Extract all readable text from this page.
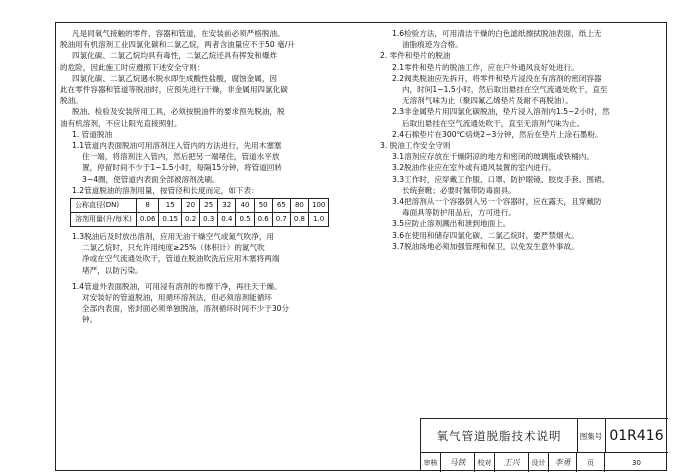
凡是同氧气接触的零件、容器和管道，在安装前必须严格脱油。

脱油用有机溶剂工业四氯化碳和二氯乙烷，两者含油量应不于50 毫/升

四氯化碳、二氯乙烷均具有毒性，二氯乙烷还具有挥发和爆炸

的危险，因此施工时应遵照下述安全守则：

四氯化碳、二氯乙烷遇水脱水即生成酸性盐酸，腐蚀金属，因

此在零件容器和管道等脱油时，应预先进行干燥，非金属用四氯化碳

脱油。

脱油、检验及安装所用工具，必须按脱油件的要求预先脱油，脱

油有机溶剂，不应让阳光直接照射。

1. 管道脱油

1.1管道内表面脱油可用溶剂注入管内的方法进行，先用木塞塞

住一端，将溶剂注入管内，然后把另一端堵住，管道水平放

置，停留时间不少于1~1.5小时，每隔15分钟，将管道回转

3~4圈，使管道内表面全部被溶剂洗刷。

1.2管道脱油的溶剂用量，按管径和长度而定，如下表：

公称直径(DN)	8	15	20	25	32	40	50	65	80	100
溶剂用量(升/每米)	0.06	0.15	0.2	0.3	0.4	0.5	0.6	0.7	0.8	1.0

1.3脱油后及时放出溶剂，应用无油干燥空气或氮气吹净，用

二氯乙烷时，只允许用纯度≥25%（体积计）的氮气吹

净或在空气流通处吹干，管道在脱油吹洗后应用木塞将两端

堵严，以防污染。

1.4管道外表面脱油，可用浸有溶剂的布擦干净，再往天干燥。

对安装好的管道脱油，用循环溶剂法，但必须溶剂能循环

全部内表面，密封面必须单独脱油，溶剂循环时间不少于30分

钟。

1.6检验方法，可用清洁干燥的白色滤纸擦拭脱油表面，纸上无

油脂痕迹为合格。

2. 零件和垫片的脱油

2.1零件和垫片的脱油工作，应在户外通风良好处进行。

2.2阀类脱油应先拆开，将零件和垫片浸没在有溶剂的密闭容器

内，时间1~1.5小时，然后取出悬挂在空气流通处吹干，直至

无溶剂气味为止（聚四氟乙烯垫片及耐不再脱油）。

2.3非金属垫片用四氯化碳脱油，垫片浸入溶剂内1.5~2小时，然

后取出悬挂在空气流通处吹干，直至无溶剂气味为止。

2.4石棉垫片在300℃焙烧2~3分钟，然后在垫片上涂石墨粉。

3. 脱油工作安全守则

3.1溶剂应存放在干燥阴凉的地方和密闭的玻璃瓶或铁桶内。

3.2脱油作业应在室外或有通风装置的室内进行。

3.3工作时，应穿戴工作服、口罩、防护眼镜、胶皮手套、围裙、

长统套靴；必要时佩带防毒面具。

3.4把溶剂从一个容器倒入另一个容器时，应在露天，且穿戴防

毒面具等防护用品后，方可进行。

3.5应防止溶剂溅出和泄到地面上。

3.6在使用和储存四氯化碳、二氯乙烷时，要严禁烟火。

3.7脱油场地必须加强管理和保卫，以免发生意外事故。

氧气管道脱脂技术说明	图集号 01R416
审核	马铁	校对	王兴	设计	李勇	页	30
